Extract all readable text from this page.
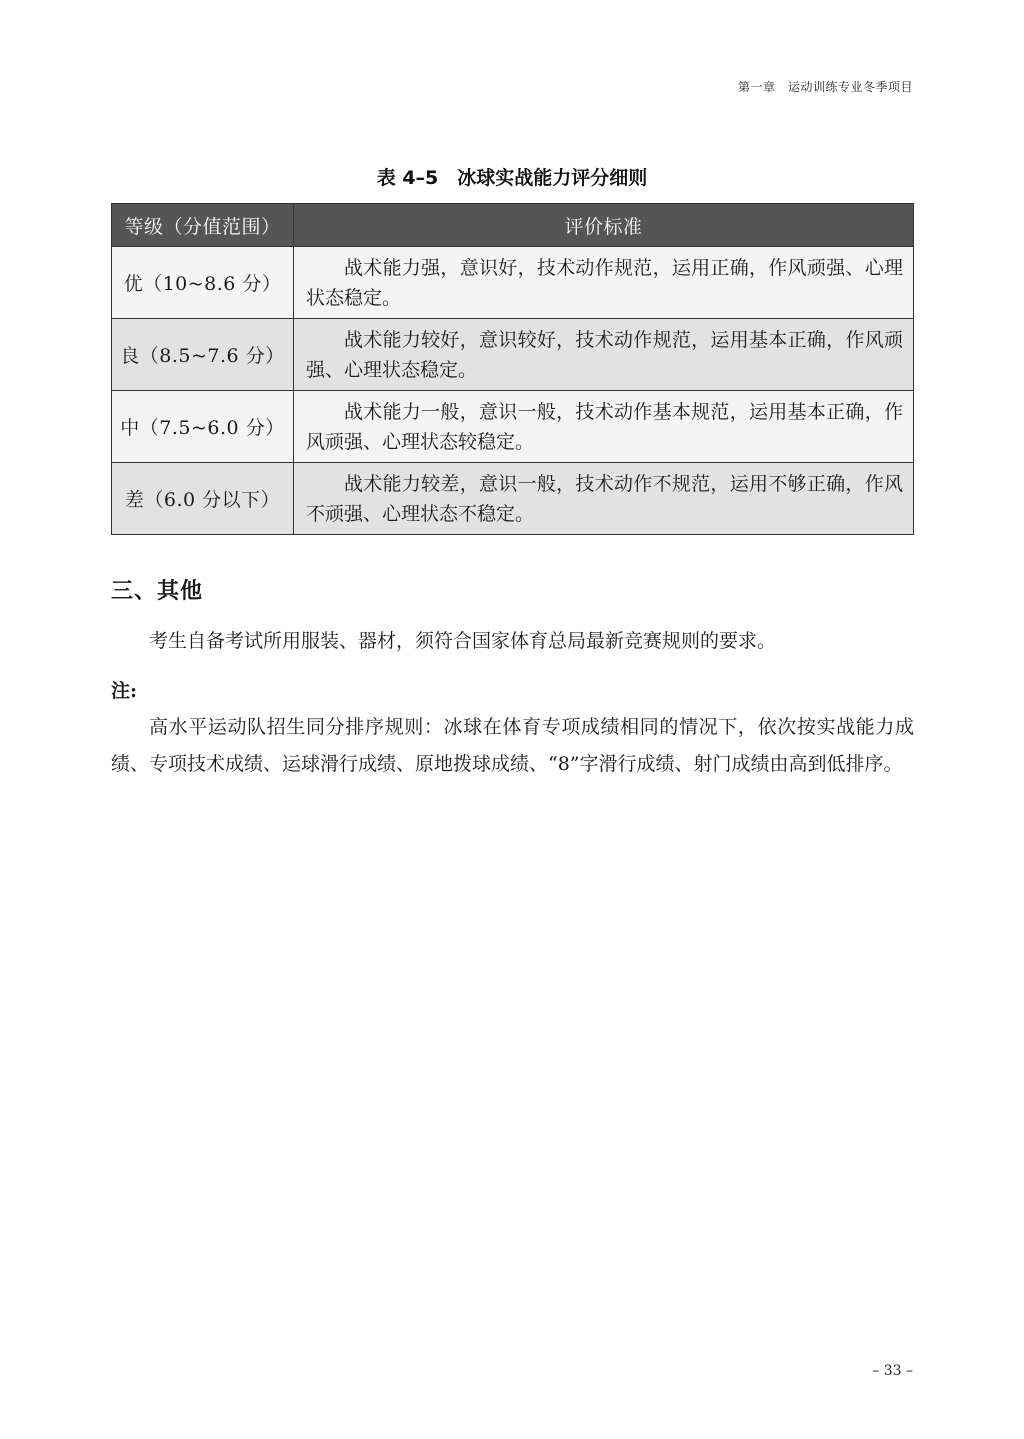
第一章　运动训练专业冬季项目
表 4–5　冰球实战能力评分细则
等级（分值范围）	评价标准
优（10~8.6 分）	战术能力强，意识好，技术动作规范，运用正确，作风顽强、心理状态稳定。

良（8.5~7.6 分）	战术能力较好，意识较好，技术动作规范，运用基本正确，作风顽强、心理状态稳定。

中（7.5~6.0 分）	战术能力一般，意识一般，技术动作基本规范，运用基本正确，作风顽强、心理状态较稳定。

差（6.0 分以下）	战术能力较差，意识一般，技术动作不规范，运用不够正确，作风不顽强、心理状态不稳定。
三、其他
考生自备考试所用服装、器材，须符合国家体育总局最新竞赛规则的要求。
注:
高水平运动队招生同分排序规则：冰球在体育专项成绩相同的情况下，依次按实战能力成绩、专项技术成绩、运球滑行成绩、原地拨球成绩、“8”字滑行成绩、射门成绩由高到低排序。
– 33 –
